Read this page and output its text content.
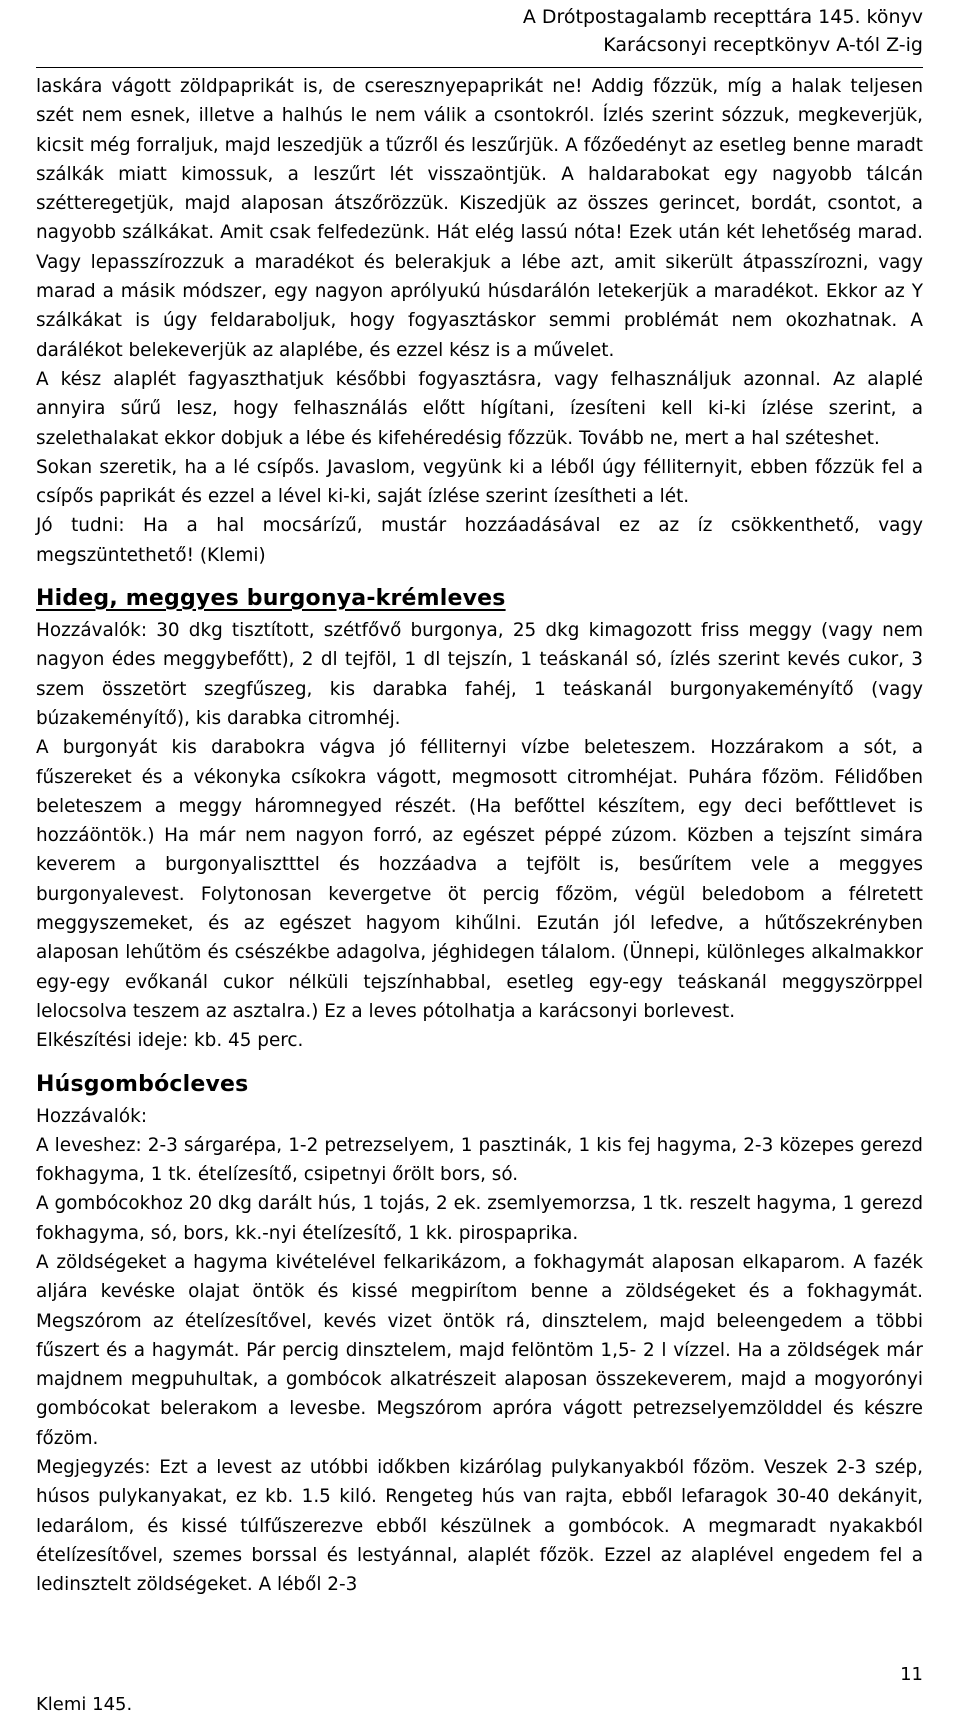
A Drótpostagalamb recepttára 145. könyv
Karácsonyi receptkönyv A-tól Z-ig

laskára vágott zöldpaprikát is, de cseresznyepaprikát ne! Addig főzzük, míg a halak teljesen szét nem esnek, illetve a halhús le nem válik a csontokról. Ízlés szerint sózzuk, megkeverjük, kicsit még forraljuk, majd leszedjük a tűzről és leszűrjük. A főzőedényt az esetleg benne maradt szálkák miatt kimossuk, a leszűrt lét visszaöntjük. A haldarabokat egy nagyobb tálcán szétteregetjük, majd alaposan átszőrözzük. Kiszedjük az összes gerincet, bordát, csontot, a nagyobb szálkákat. Amit csak felfedezünk. Hát elég lassú nóta! Ezek után két lehetőség marad. Vagy lepasszírozzuk a maradékot és belerakjuk a lébe azt, amit sikerült átpasszírozni, vagy marad a másik módszer, egy nagyon aprólyukú húsdarálón letekerjük a maradékot. Ekkor az Y szálkákat is úgy feldaraboljuk, hogy fogyasztáskor semmi problémát nem okozhatnak. A darálékot belekeverjük az alaplébe, és ezzel kész is a művelet.

A kész alaplét fagyaszthatjuk későbbi fogyasztásra, vagy felhasználjuk azonnal. Az alaplé annyira sűrű lesz, hogy felhasználás előtt hígítani, ízesíteni kell ki-ki ízlése szerint, a szelethalakat ekkor dobjuk a lébe és kifehéredésig főzzük. Tovább ne, mert a hal széteshet.

Sokan szeretik, ha a lé csípős. Javaslom, vegyünk ki a léből úgy félliternyit, ebben főzzük fel a csípős paprikát és ezzel a lével ki-ki, saját ízlése szerint ízesítheti a lét.

Jó tudni: Ha a hal mocsárízű, mustár hozzáadásával ez az íz csökkenthető, vagy megszüntethető! (Klemi)

Hideg, meggyes burgonya-krémleves

Hozzávalók: 30 dkg tisztított, szétfővő burgonya, 25 dkg kimagozott friss meggy (vagy nem nagyon édes meggybefőtt), 2 dl tejföl, 1 dl tejszín, 1 teáskanál só, ízlés szerint kevés cukor, 3 szem összetört szegfűszeg, kis darabka fahéj, 1 teáskanál burgonyakeményítő (vagy búzakeményítő), kis darabka citromhéj.

A burgonyát kis darabokra vágva jó félliternyi vízbe beleteszem. Hozzárakom a sót, a fűszereket és a vékonyka csíkokra vágott, megmosott citromhéjat. Puhára főzöm. Félidőben beleteszem a meggy háromnegyed részét. (Ha befőttel készítem, egy deci befőttlevet is hozzáöntök.) Ha már nem nagyon forró, az egészet péppé zúzom. Közben a tejszínt simára keverem a burgonyalisztttel és hozzáadva a tejfölt is, besűrítem vele a meggyes burgonyalevest. Folytonosan kevergetve öt percig főzöm, végül beledobom a félretett meggyszemeket, és az egészet hagyom kihűlni. Ezután jól lefedve, a hűtőszekrényben alaposan lehűtöm és csészékbe adagolva, jéghidegen tálalom. (Ünnepi, különleges alkalmakkor egy-egy evőkanál cukor nélküli tejszínhabbal, esetleg egy-egy teáskanál meggyszörppel lelocsolva teszem az asztalra.) Ez a leves pótolhatja a karácsonyi borlevest.

Elkészítési ideje: kb. 45 perc.

Húsgombócleves

Hozzávalók:

A leveshez: 2-3 sárgarépa, 1-2 petrezselyem, 1 pasztinák, 1 kis fej hagyma, 2-3 közepes gerezd fokhagyma, 1 tk. ételízesítő, csipetnyi őrölt bors, só.

A gombócokhoz 20 dkg darált hús, 1 tojás, 2 ek. zsemlyemorzsa, 1 tk. reszelt hagyma, 1 gerezd fokhagyma, só, bors, kk.-nyi ételízesítő, 1 kk. pirospaprika.

A zöldségeket a hagyma kivételével felkarikázom, a fokhagymát alaposan elkaparom. A fazék aljára kevéske olajat öntök és kissé megpirítom benne a zöldségeket és a fokhagymát. Megszórom az ételízesítővel, kevés vizet öntök rá, dinsztelem, majd beleengedem a többi fűszert és a hagymát. Pár percig dinsztelem, majd felöntöm 1,5- 2 l vízzel. Ha a zöldségek már majdnem megpuhultak, a gombócok alkatrészeit alaposan összekeverem, majd a mogyorónyi gombócokat belerakom a levesbe. Megszórom apróra vágott petrezselyemzölddel és készre főzöm.

Megjegyzés: Ezt a levest az utóbbi időkben kizárólag pulykanyakból főzöm. Veszek 2-3 szép, húsos pulykanyakat, ez kb. 1.5 kiló. Rengeteg hús van rajta, ebből lefaragok 30-40 dekányit, ledarálom, és kissé túlfűszerezve ebből készülnek a gombócok. A megmaradt nyakakból ételízesítővel, szemes borssal és lestyánnal, alaplét főzök. Ezzel az alaplével engedem fel a ledinsztelt zöldségeket. A léből 2-3

11
Klemi 145.
